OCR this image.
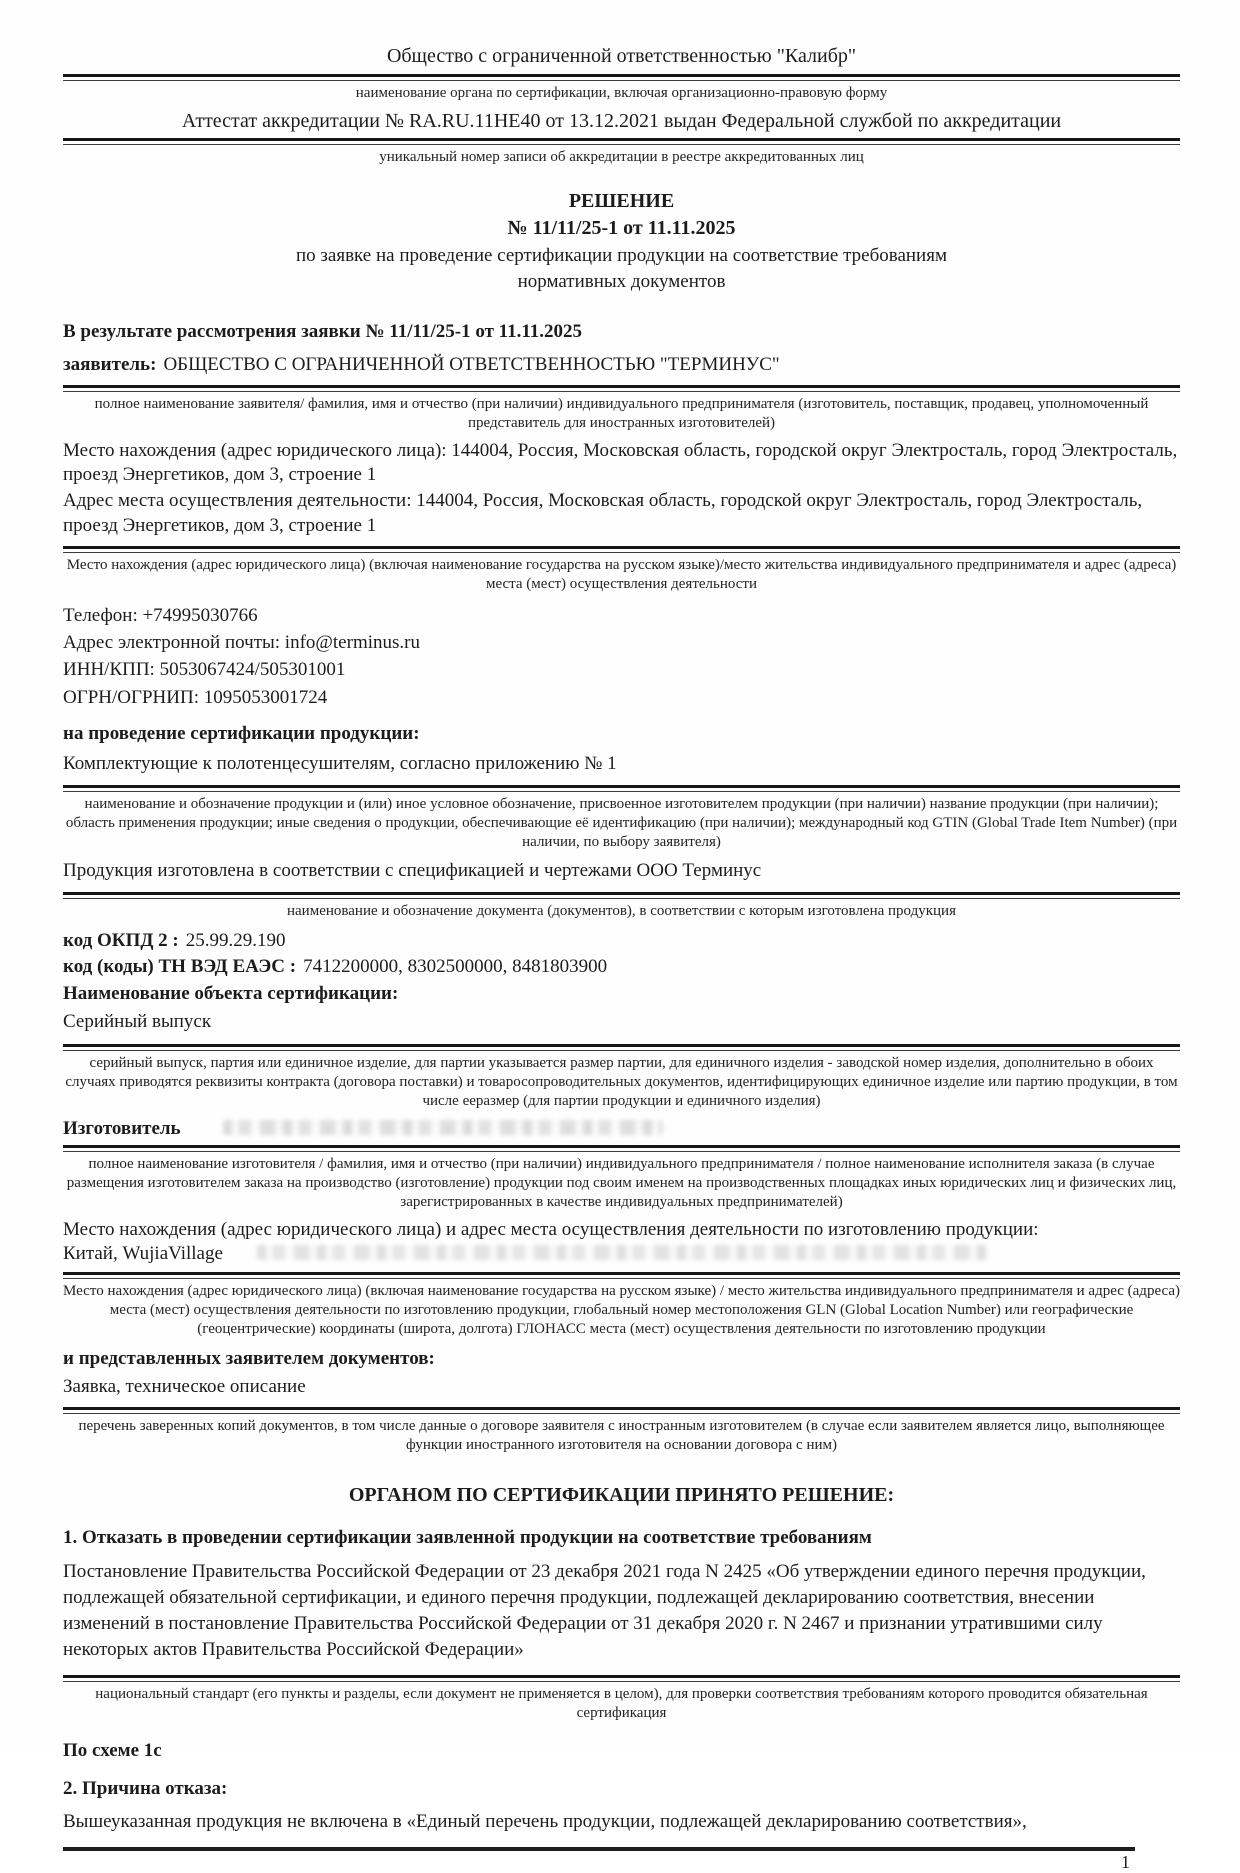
Общество с ограниченной ответственностью "Калибр"

наименование органа по сертификации, включая организационно-правовую форму

Аттестат аккредитации № RA.RU.11НЕ40 от 13.12.2021 выдан Федеральной службой по аккредитации

уникальный номер записи об аккредитации в реестре аккредитованных лиц

РЕШЕНИЕ

№ 11/11/25-1 от 11.11.2025

по заявке на проведение сертификации продукции на соответствие требованиям

нормативных документов

В результате рассмотрения заявки № 11/11/25-1 от 11.11.2025

заявитель: ОБЩЕСТВО С ОГРАНИЧЕННОЙ ОТВЕТСТВЕННОСТЬЮ "ТЕРМИНУС"

полное наименование заявителя/ фамилия, имя и отчество (при наличии) индивидуального предпринимателя (изготовитель, поставщик, продавец, уполномоченный представитель для иностранных изготовителей)

Место нахождения (адрес юридического лица): 144004, Россия, Московская область, городской округ Электросталь, город Электросталь, проезд Энергетиков, дом 3, строение 1

Адрес места осуществления деятельности: 144004, Россия, Московская область, городской округ Электросталь, город Электросталь, проезд Энергетиков, дом 3, строение 1

Место нахождения (адрес юридического лица) (включая наименование государства на русском языке)/место жительства индивидуального предпринимателя и адрес (адреса) места (мест) осуществления деятельности

Телефон: +74995030766

Адрес электронной почты: info@terminus.ru

ИНН/КПП: 5053067424/505301001

ОГРН/ОГРНИП: 1095053001724

на проведение сертификации продукции:

Комплектующие к полотенцесушителям, согласно приложению № 1

наименование и обозначение продукции и (или) иное условное обозначение, присвоенное изготовителем продукции (при наличии) название продукции (при наличии); область применения продукции; иные сведения о продукции, обеспечивающие её идентификацию (при наличии); международный код GTIN (Global Trade Item Number) (при наличии, по выбору заявителя)

Продукция изготовлена в соответствии с спецификацией и чертежами ООО Терминус

наименование и обозначение документа (документов), в соответствии с которым изготовлена продукция

код ОКПД 2 : 25.99.29.190

код (коды) ТН ВЭД ЕАЭС : 7412200000, 8302500000, 8481803900

Наименование объекта сертификации:

Серийный выпуск

серийный выпуск, партия или единичное изделие, для партии указывается размер партии, для единичного изделия - заводской номер изделия, дополнительно в обоих случаях приводятся реквизиты контракта (договора поставки) и товаросопроводительных документов, идентифицирующих единичное изделие или партию продукции, в том числе ееразмер (для партии продукции и единичного изделия)

Изготовитель

полное наименование изготовителя / фамилия, имя и отчество (при наличии) индивидуального предпринимателя / полное наименование исполнителя заказа (в случае размещения изготовителем заказа на производство (изготовление) продукции под своим именем на производственных площадках иных юридических лиц и физических лиц, зарегистрированных в качестве индивидуальных предпринимателей)

Место нахождения (адрес юридического лица) и адрес места осуществления деятельности по изготовлению продукции:
Китай, WujiaVillage

Место нахождения (адрес юридического лица) (включая наименование государства на русском языке) / место жительства индивидуального предпринимателя и адрес (адреса) места (мест) осуществления деятельности по изготовлению продукции, глобальный номер местоположения GLN (Global Location Number) или географические (геоцентрические) координаты (широта, долгота) ГЛОНАСС места (мест) осуществления деятельности по изготовлению продукции

и представленных заявителем документов:

Заявка, техническое описание

перечень заверенных копий документов, в том числе данные о договоре заявителя с иностранным изготовителем (в случае если заявителем является лицо, выполняющее функции иностранного изготовителя на основании договора с ним)

ОРГАНОМ ПО СЕРТИФИКАЦИИ ПРИНЯТО РЕШЕНИЕ:

1. Отказать в проведении сертификации заявленной продукции на соответствие требованиям

Постановление Правительства Российской Федерации от 23 декабря 2021 года N 2425 «Об утверждении единого перечня продукции, подлежащей обязательной сертификации, и единого перечня продукции, подлежащей декларированию соответствия, внесении изменений в постановление Правительства Российской Федерации от 31 декабря 2020 г. N 2467 и признании утратившими силу некоторых актов Правительства Российской Федерации»

национальный стандарт (его пункты и разделы, если документ не применяется в целом), для проверки соответствия требованиям которого проводится обязательная сертификация

По схеме 1с

2. Причина отказа:

Вышеуказанная продукция не включена в «Единый перечень продукции, подлежащей декларированию соответствия»,

1
